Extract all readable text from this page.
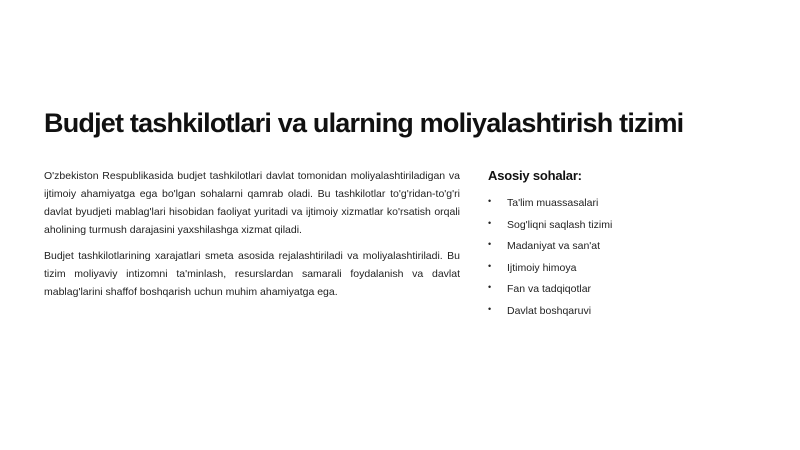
Budjet tashkilotlari va ularning moliyalashtirish tizimi

O'zbekiston Respublikasida budjet tashkilotlari davlat tomonidan moliyalashtiriladigan va ijtimoiy ahamiyatga ega bo'lgan sohalarni qamrab oladi. Bu tashkilotlar to'g'ridan-to'g'ri davlat byudjeti mablag'lari hisobidan faoliyat yuritadi va ijtimoiy xizmatlar ko'rsatish orqali aholining turmush darajasini yaxshilashga xizmat qiladi.

Budjet tashkilotlarining xarajatlari smeta asosida rejalashtiriladi va moliyalashtiriladi. Bu tizim moliyaviy intizomni ta'minlash, resurslardan samarali foydalanish va davlat mablag'larini shaffof boshqarish uchun muhim ahamiyatga ega.

Asosiy sohalar:
• Ta'lim muassasalari
• Sog'liqni saqlash tizimi
• Madaniyat va san'at
• Ijtimoiy himoya
• Fan va tadqiqotlar
• Davlat boshqaruvi
